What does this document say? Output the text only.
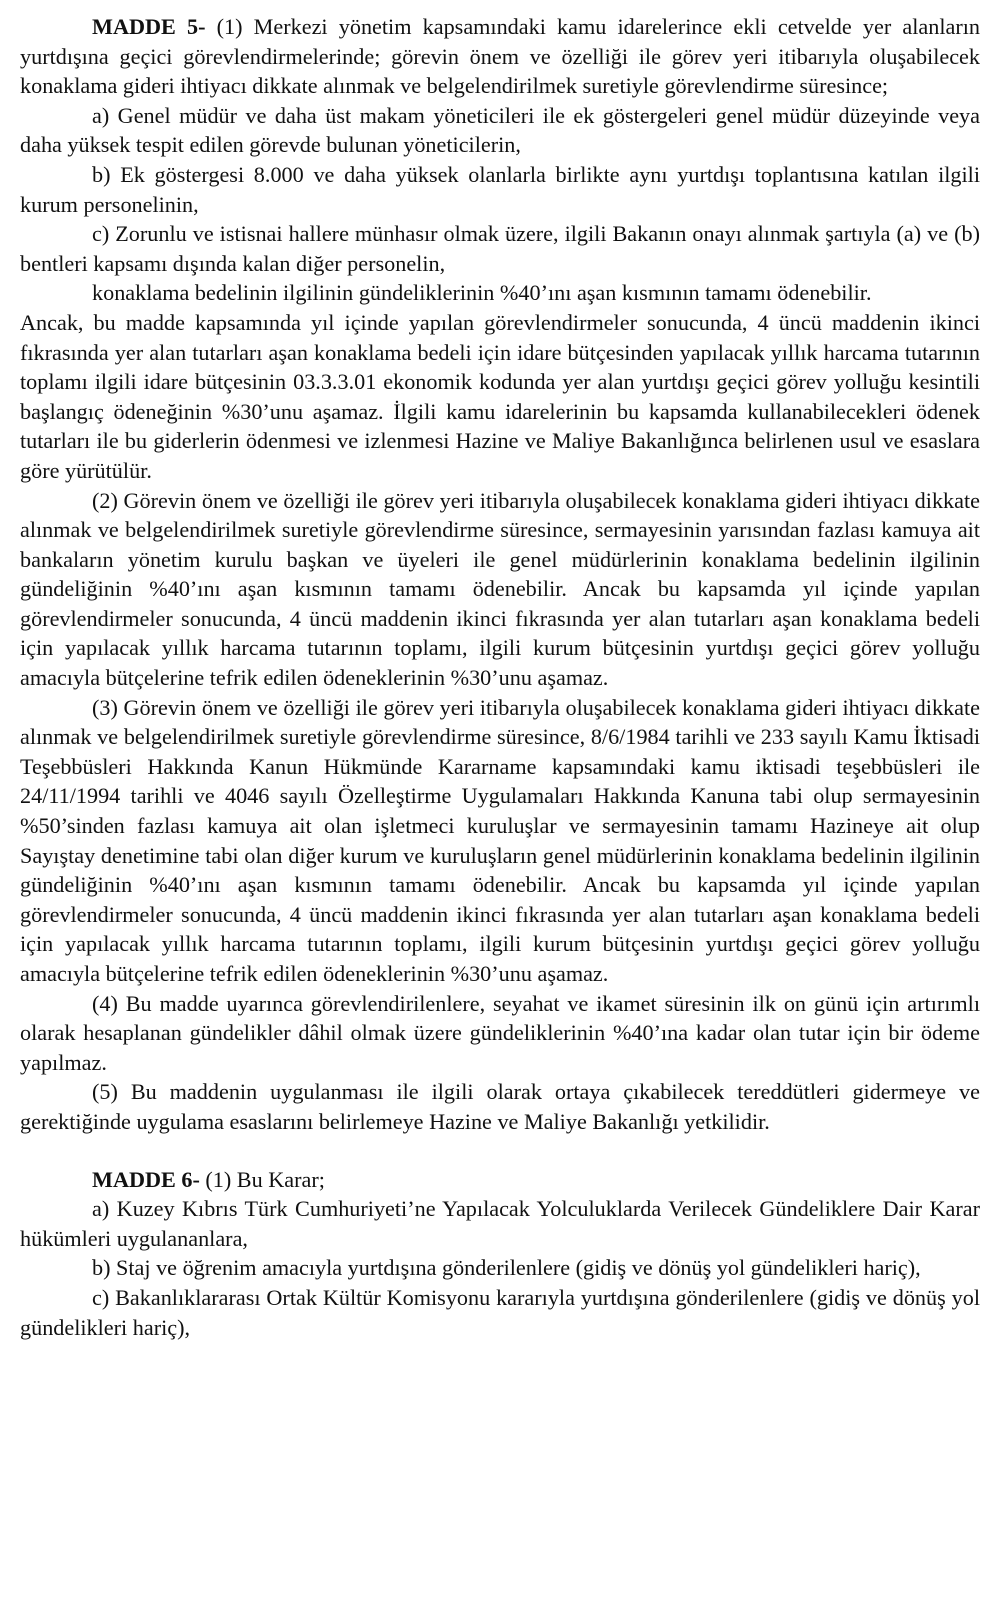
MADDE 5- (1) Merkezi yönetim kapsamındaki kamu idarelerince ekli cetvelde yer alanların yurtdışına geçici görevlendirmelerinde; görevin önem ve özelliği ile görev yeri itibarıyla oluşabilecek konaklama gideri ihtiyacı dikkate alınmak ve belgelendirilmek suretiyle görevlendirme süresince;

a) Genel müdür ve daha üst makam yöneticileri ile ek göstergeleri genel müdür düzeyinde veya daha yüksek tespit edilen görevde bulunan yöneticilerin,

b) Ek göstergesi 8.000 ve daha yüksek olanlarla birlikte aynı yurtdışı toplantısına katılan ilgili kurum personelinin,

c) Zorunlu ve istisnai hallere münhasır olmak üzere, ilgili Bakanın onayı alınmak şartıyla (a) ve (b) bentleri kapsamı dışında kalan diğer personelin,

konaklama bedelinin ilgilinin gündeliklerinin %40’ını aşan kısmının tamamı ödenebilir.

Ancak, bu madde kapsamında yıl içinde yapılan görevlendirmeler sonucunda, 4 üncü maddenin ikinci fıkrasında yer alan tutarları aşan konaklama bedeli için idare bütçesinden yapılacak yıllık harcama tutarının toplamı ilgili idare bütçesinin 03.3.3.01 ekonomik kodunda yer alan yurtdışı geçici görev yolluğu kesintili başlangıç ödeneğinin %30’unu aşamaz. İlgili kamu idarelerinin bu kapsamda kullanabilecekleri ödenek tutarları ile bu giderlerin ödenmesi ve izlenmesi Hazine ve Maliye Bakanlığınca belirlenen usul ve esaslara göre yürütülür.

(2) Görevin önem ve özelliği ile görev yeri itibarıyla oluşabilecek konaklama gideri ihtiyacı dikkate alınmak ve belgelendirilmek suretiyle görevlendirme süresince, sermayesinin yarısından fazlası kamuya ait bankaların yönetim kurulu başkan ve üyeleri ile genel müdürlerinin konaklama bedelinin ilgilinin gündeliğinin %40’ını aşan kısmının tamamı ödenebilir. Ancak bu kapsamda yıl içinde yapılan görevlendirmeler sonucunda, 4 üncü maddenin ikinci fıkrasında yer alan tutarları aşan konaklama bedeli için yapılacak yıllık harcama tutarının toplamı, ilgili kurum bütçesinin yurtdışı geçici görev yolluğu amacıyla bütçelerine tefrik edilen ödeneklerinin %30’unu aşamaz.

(3) Görevin önem ve özelliği ile görev yeri itibarıyla oluşabilecek konaklama gideri ihtiyacı dikkate alınmak ve belgelendirilmek suretiyle görevlendirme süresince, 8/6/1984 tarihli ve 233 sayılı Kamu İktisadi Teşebbüsleri Hakkında Kanun Hükmünde Kararname kapsamındaki kamu iktisadi teşebbüsleri ile 24/11/1994 tarihli ve 4046 sayılı Özelleştirme Uygulamaları Hakkında Kanuna tabi olup sermayesinin %50’sinden fazlası kamuya ait olan işletmeci kuruluşlar ve sermayesinin tamamı Hazineye ait olup Sayıştay denetimine tabi olan diğer kurum ve kuruluşların genel müdürlerinin konaklama bedelinin ilgilinin gündeliğinin %40’ını aşan kısmının tamamı ödenebilir. Ancak bu kapsamda yıl içinde yapılan görevlendirmeler sonucunda, 4 üncü maddenin ikinci fıkrasında yer alan tutarları aşan konaklama bedeli için yapılacak yıllık harcama tutarının toplamı, ilgili kurum bütçesinin yurtdışı geçici görev yolluğu amacıyla bütçelerine tefrik edilen ödeneklerinin %30’unu aşamaz.

(4) Bu madde uyarınca görevlendirilenlere, seyahat ve ikamet süresinin ilk on günü için artırımlı olarak hesaplanan gündelikler dâhil olmak üzere gündeliklerinin %40’ına kadar olan tutar için bir ödeme yapılmaz.

(5) Bu maddenin uygulanması ile ilgili olarak ortaya çıkabilecek tereddütleri gidermeye ve gerektiğinde uygulama esaslarını belirlemeye Hazine ve Maliye Bakanlığı yetkilidir.

MADDE 6- (1) Bu Karar;

a) Kuzey Kıbrıs Türk Cumhuriyeti’ne Yapılacak Yolculuklarda Verilecek Gündeliklere Dair Karar hükümleri uygulananlara,

b) Staj ve öğrenim amacıyla yurtdışına gönderilenlere (gidiş ve dönüş yol gündelikleri hariç),

c) Bakanlıklararası Ortak Kültür Komisyonu kararıyla yurtdışına gönderilenlere (gidiş ve dönüş yol gündelikleri hariç),
